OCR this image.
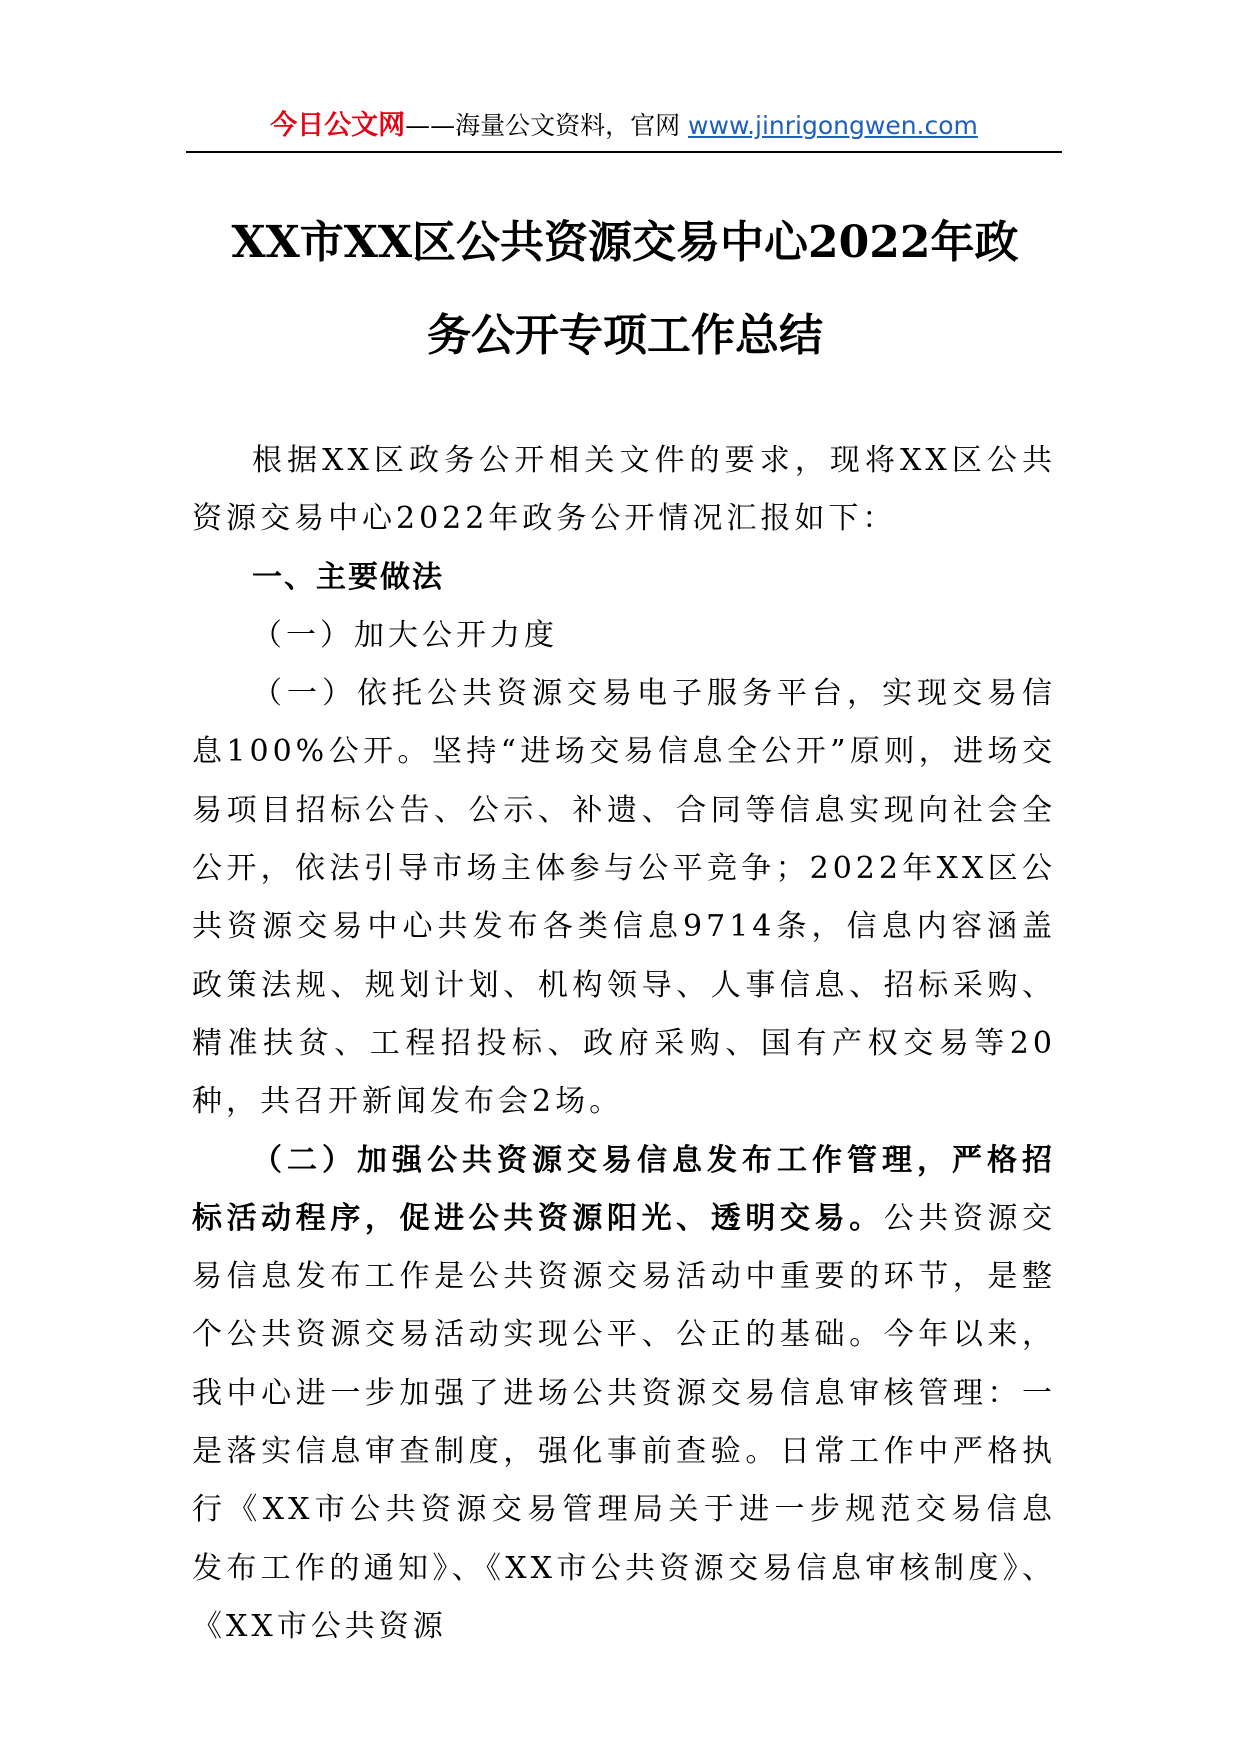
今日公文网——海量公文资料，官网 www.jinrigongwen.com
XX市XX区公共资源交易中心2022年政
务公开专项工作总结

根据XX区政务公开相关文件的要求，现将XX区公共资源交易中心2022年政务公开情况汇报如下：

一、主要做法

（一）加大公开力度

（一）依托公共资源交易电子服务平台，实现交易信息100%公开。坚持“进场交易信息全公开”原则，进场交易项目招标公告、公示、补遗、合同等信息实现向社会全公开，依法引导市场主体参与公平竞争；2022年XX区公共资源交易中心共发布各类信息9714条，信息内容涵盖政策法规、规划计划、机构领导、人事信息、招标采购、精准扶贫、工程招投标、政府采购、国有产权交易等20种，共召开新闻发布会2场。

（二）加强公共资源交易信息发布工作管理，严格招标活动程序，促进公共资源阳光、透明交易。公共资源交易信息发布工作是公共资源交易活动中重要的环节，是整个公共资源交易活动实现公平、公正的基础。今年以来，我中心进一步加强了进场公共资源交易信息审核管理：一是落实信息审查制度，强化事前查验。日常工作中严格执行《XX市公共资源交易管理局关于进一步规范交易信息发布工作的通知》、《XX市公共资源交易信息审核制度》、《XX市公共资源
